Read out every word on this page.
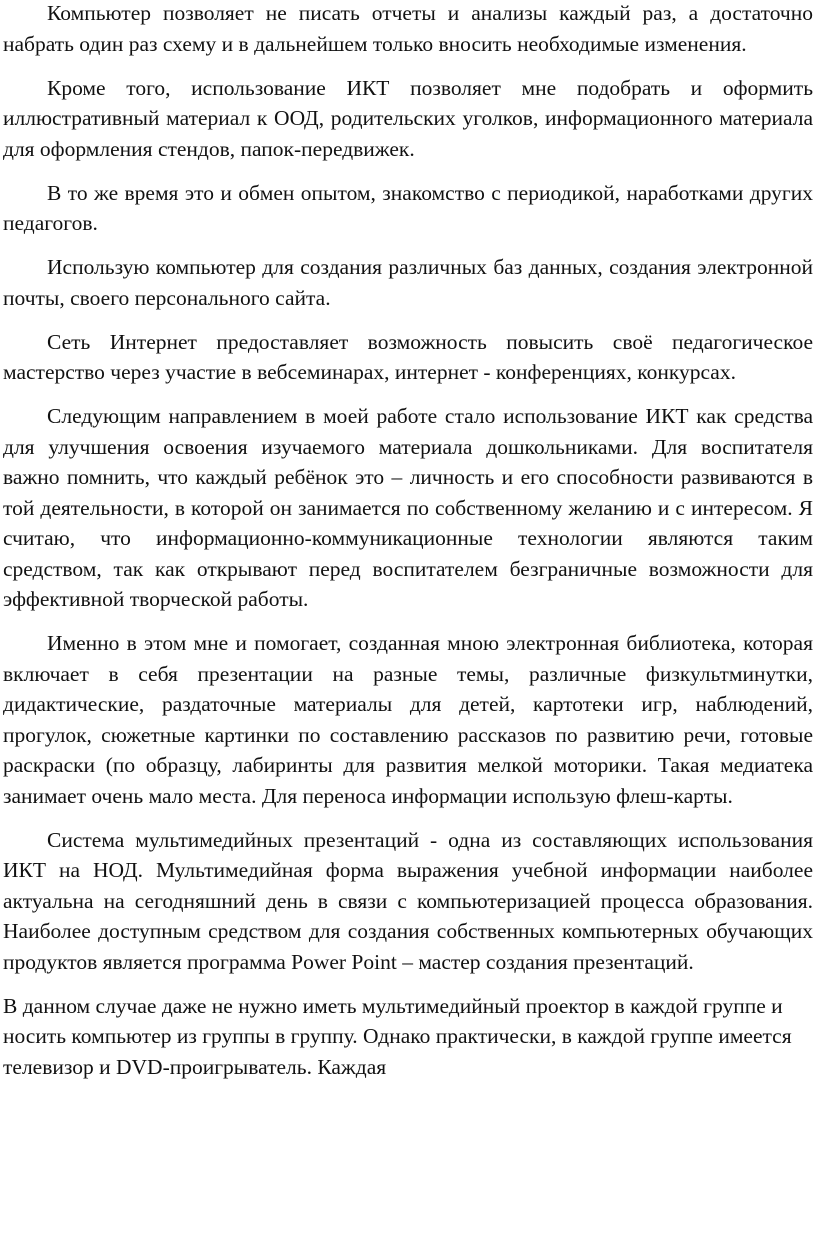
Компьютер позволяет не писать отчеты и анализы каждый раз, а достаточно набрать один раз схему и в дальнейшем только вносить необходимые изменения.

Кроме того, использование ИКТ позволяет мне подобрать и оформить иллюстративный материал к ООД, родительских уголков, информационного материала для оформления стендов, папок-передвижек.

В то же время это и обмен опытом, знакомство с периодикой, наработками других педагогов.

Использую компьютер для создания различных баз данных, создания электронной почты, своего персонального сайта.

Сеть Интернет предоставляет возможность повысить своё педагогическое мастерство через участие в вебсеминарах, интернет - конференциях, конкурсах.

Следующим направлением в моей работе стало использование ИКТ как средства для улучшения освоения изучаемого материала дошкольниками. Для воспитателя важно помнить, что каждый ребёнок это – личность и его способности развиваются в той деятельности, в которой он занимается по собственному желанию и с интересом. Я считаю, что информационно-коммуникационные технологии являются таким средством, так как открывают перед воспитателем безграничные возможности для эффективной творческой работы.

Именно в этом мне и помогает, созданная мною электронная библиотека, которая включает в себя презентации на разные темы, различные физкультминутки, дидактические, раздаточные материалы для детей, картотеки игр, наблюдений, прогулок, сюжетные картинки по составлению рассказов по развитию речи, готовые раскраски (по образцу, лабиринты для развития мелкой моторики. Такая медиатека занимает очень мало места. Для переноса информации использую флеш-карты.

Система мультимедийных презентаций - одна из составляющих использования ИКТ на НОД. Мультимедийная форма выражения учебной информации наиболее актуальна на сегодняшний день в связи с компьютеризацией процесса образования. Наиболее доступным средством для создания собственных компьютерных обучающих продуктов является программа Power Point – мастер создания презентаций.

В данном случае даже не нужно иметь мультимедийный проектор в каждой группе и носить компьютер из группы в группу. Однако практически, в каждой группе имеется телевизор и DVD-проигрыватель. Каждая
